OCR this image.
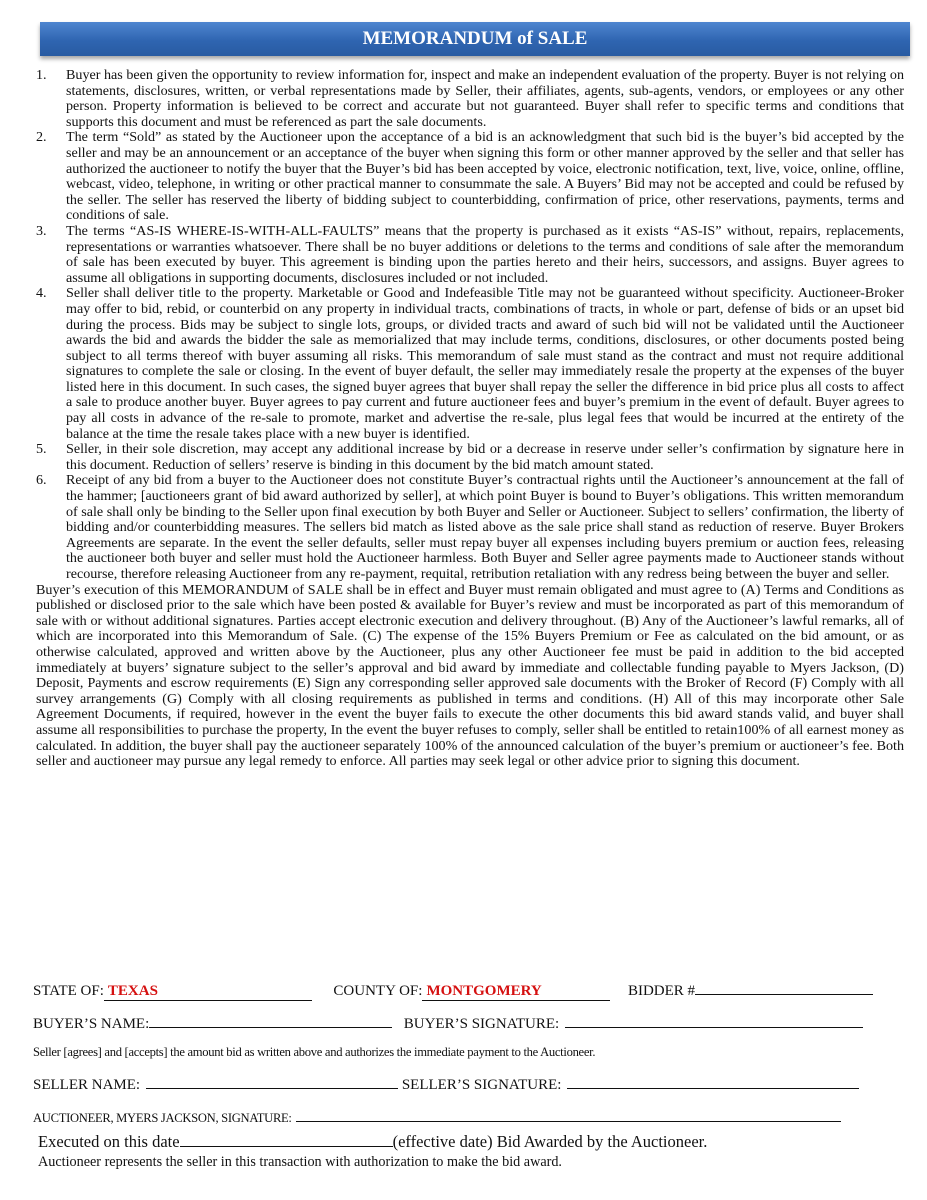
MEMORANDUM of SALE
1.	Buyer has been given the opportunity to review information for, inspect and make an independent evaluation of the property. Buyer is not relying on statements, disclosures, written, or verbal representations made by Seller, their affiliates, agents, sub-agents, vendors, or employees or any other person. Property information is believed to be correct and accurate but not guaranteed. Buyer shall refer to specific terms and conditions that supports this document and must be referenced as part the sale documents.
2.	The term “Sold” as stated by the Auctioneer upon the acceptance of a bid is an acknowledgment that such bid is the buyer’s bid accepted by the seller and may be an announcement or an acceptance of the buyer when signing this form or other manner approved by the seller and that seller has authorized the auctioneer to notify the buyer that the Buyer’s bid has been accepted by voice, electronic notification, text, live, voice, online, offline, webcast, video, telephone, in writing or other practical manner to consummate the sale. A Buyers’ Bid may not be accepted and could be refused by the seller. The seller has reserved the liberty of bidding subject to counterbidding, confirmation of price, other reservations, payments, terms and conditions of sale.
3.	The terms “AS-IS WHERE-IS-WITH-ALL-FAULTS” means that the property is purchased as it exists “AS-IS” without, repairs, replacements, representations or warranties whatsoever. There shall be no buyer additions or deletions to the terms and conditions of sale after the memorandum of sale has been executed by buyer. This agreement is binding upon the parties hereto and their heirs, successors, and assigns. Buyer agrees to assume all obligations in supporting documents, disclosures included or not included.
4.	Seller shall deliver title to the property. Marketable or Good and Indefeasible Title may not be guaranteed without specificity. Auctioneer-Broker may offer to bid, rebid, or counterbid on any property in individual tracts, combinations of tracts, in whole or part, defense of bids or an upset bid during the process. Bids may be subject to single lots, groups, or divided tracts and award of such bid will not be validated until the Auctioneer awards the bid and awards the bidder the sale as memorialized that may include terms, conditions, disclosures, or other documents posted being subject to all terms thereof with buyer assuming all risks. This memorandum of sale must stand as the contract and must not require additional signatures to complete the sale or closing. In the event of buyer default, the seller may immediately resale the property at the expenses of the buyer listed here in this document. In such cases, the signed buyer agrees that buyer shall repay the seller the difference in bid price plus all costs to affect a sale to produce another buyer. Buyer agrees to pay current and future auctioneer fees and buyer’s premium in the event of default. Buyer agrees to pay all costs in advance of the re-sale to promote, market and advertise the re-sale, plus legal fees that would be incurred at the entirety of the balance at the time the resale takes place with a new buyer is identified.
5.	Seller, in their sole discretion, may accept any additional increase by bid or a decrease in reserve under seller’s confirmation by signature here in this document. Reduction of sellers’ reserve is binding in this document by the bid match amount stated.
6.	Receipt of any bid from a buyer to the Auctioneer does not constitute Buyer’s contractual rights until the Auctioneer’s announcement at the fall of the hammer; [auctioneers grant of bid award authorized by seller], at which point Buyer is bound to Buyer’s obligations. This written memorandum of sale shall only be binding to the Seller upon final execution by both Buyer and Seller or Auctioneer. Subject to sellers’ confirmation, the liberty of bidding and/or counterbidding measures. The sellers bid match as listed above as the sale price shall stand as reduction of reserve. Buyer Brokers Agreements are separate. In the event the seller defaults, seller must repay buyer all expenses including buyers premium or auction fees, releasing the auctioneer both buyer and seller must hold the Auctioneer harmless. Both Buyer and Seller agree payments made to Auctioneer stands without recourse, therefore releasing Auctioneer from any re-payment, requital, retribution retaliation with any redress being between the buyer and seller.
Buyer’s execution of this MEMORANDUM of SALE shall be in effect and Buyer must remain obligated and must agree to (A) Terms and Conditions as published or disclosed prior to the sale which have been posted & available for Buyer’s review and must be incorporated as part of this memorandum of sale with or without additional signatures. Parties accept electronic execution and delivery throughout. (B) Any of the Auctioneer’s lawful remarks, all of which are incorporated into this Memorandum of Sale. (C) The expense of the 15% Buyers Premium or Fee as calculated on the bid amount, or as otherwise calculated, approved and written above by the Auctioneer, plus any other Auctioneer fee must be paid in addition to the bid accepted immediately at buyers’ signature subject to the seller’s approval and bid award by immediate and collectable funding payable to Myers Jackson, (D) Deposit, Payments and escrow requirements (E) Sign any corresponding seller approved sale documents with the Broker of Record (F) Comply with all survey arrangements (G) Comply with all closing requirements as published in terms and conditions. (H) All of this may incorporate other Sale Agreement Documents, if required, however in the event the buyer fails to execute the other documents this bid award stands valid, and buyer shall assume all responsibilities to purchase the property, In the event the buyer refuses to comply, seller shall be entitled to retain100% of all earnest money as calculated. In addition, the buyer shall pay the auctioneer separately 100% of the announced calculation of the buyer’s premium or auctioneer’s fee. Both seller and auctioneer may pursue any legal remedy to enforce. All parties may seek legal or other advice prior to signing this document.
STATE OF: TEXAS	COUNTY OF: MONTGOMERY	BIDDER #
BUYER’S NAME:	BUYER’S SIGNATURE:
Seller [agrees] and [accepts] the amount bid as written above and authorizes the immediate payment to the Auctioneer.
SELLER NAME:	SELLER’S SIGNATURE:
AUCTIONEER, MYERS JACKSON, SIGNATURE:
Executed on this date	(effective date) Bid Awarded by the Auctioneer.
Auctioneer represents the seller in this transaction with authorization to make the bid award.
